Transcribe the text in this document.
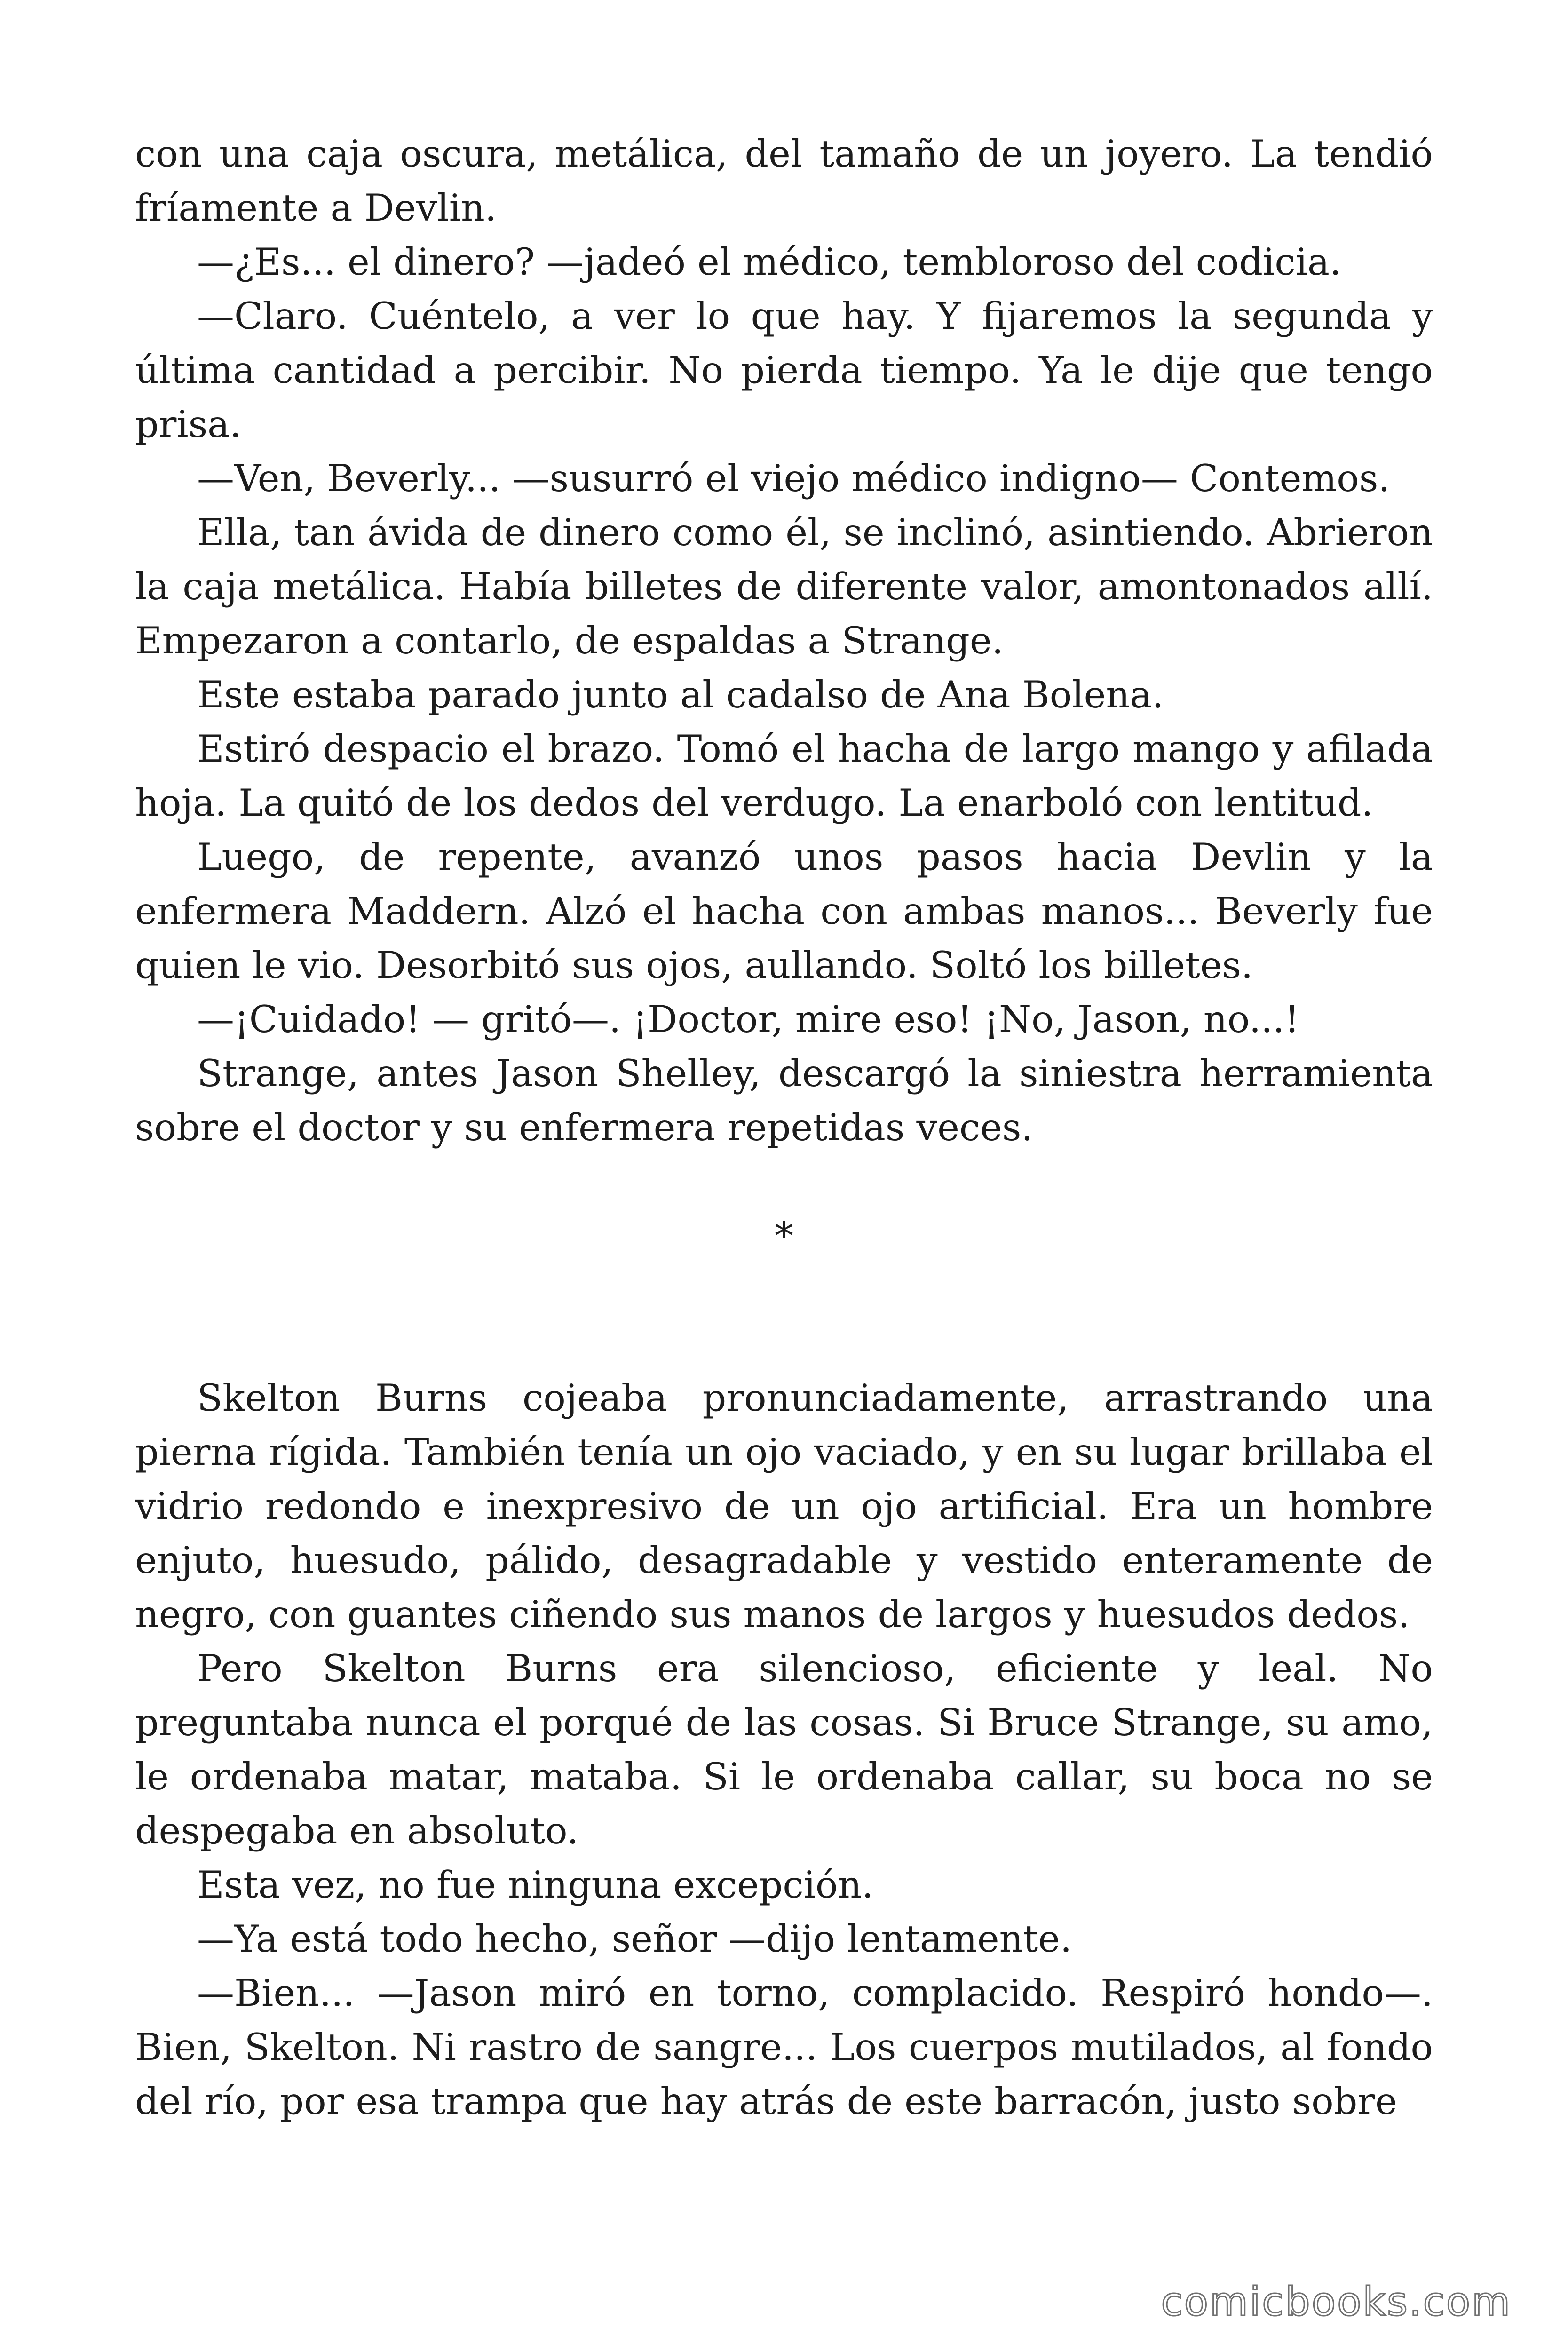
con una caja oscura, metálica, del tamaño de un joyero. La tendió fríamente a Devlin.

—¿Es... el dinero? —jadeó el médico, tembloroso del codicia.

—Claro. Cuéntelo, a ver lo que hay. Y fijaremos la segunda y última cantidad a percibir. No pierda tiempo. Ya le dije que tengo prisa.

—Ven, Beverly... —susurró el viejo médico indigno— Contemos.

Ella, tan ávida de dinero como él, se inclinó, asintiendo. Abrieron la caja metálica. Había billetes de diferente valor, amontonados allí. Empezaron a contarlo, de espaldas a Strange.

Este estaba parado junto al cadalso de Ana Bolena.

Estiró despacio el brazo. Tomó el hacha de largo mango y afilada hoja. La quitó de los dedos del verdugo. La enarboló con lentitud.

Luego, de repente, avanzó unos pasos hacia Devlin y la enfermera Maddern. Alzó el hacha con ambas manos... Beverly fue quien le vio. Desorbitó sus ojos, aullando. Soltó los billetes.

—¡Cuidado! — gritó—. ¡Doctor, mire eso! ¡No, Jason, no...!

Strange, antes Jason Shelley, descargó la siniestra herramienta sobre el doctor y su enfermera repetidas veces.

*

Skelton Burns cojeaba pronunciadamente, arrastrando una pierna rígida. También tenía un ojo vaciado, y en su lugar brillaba el vidrio redondo e inexpresivo de un ojo artificial. Era un hombre enjuto, huesudo, pálido, desagradable y vestido enteramente de negro, con guantes ciñendo sus manos de largos y huesudos dedos.

Pero Skelton Burns era silencioso, eficiente y leal. No preguntaba nunca el porqué de las cosas. Si Bruce Strange, su amo, le ordenaba matar, mataba. Si le ordenaba callar, su boca no se despegaba en absoluto.

Esta vez, no fue ninguna excepción.

—Ya está todo hecho, señor —dijo lentamente.

—Bien... —Jason miró en torno, complacido. Respiró hondo—. Bien, Skelton. Ni rastro de sangre... Los cuerpos mutilados, al fondo del río, por esa trampa que hay atrás de este barracón, justo sobre

comicbooks.com
